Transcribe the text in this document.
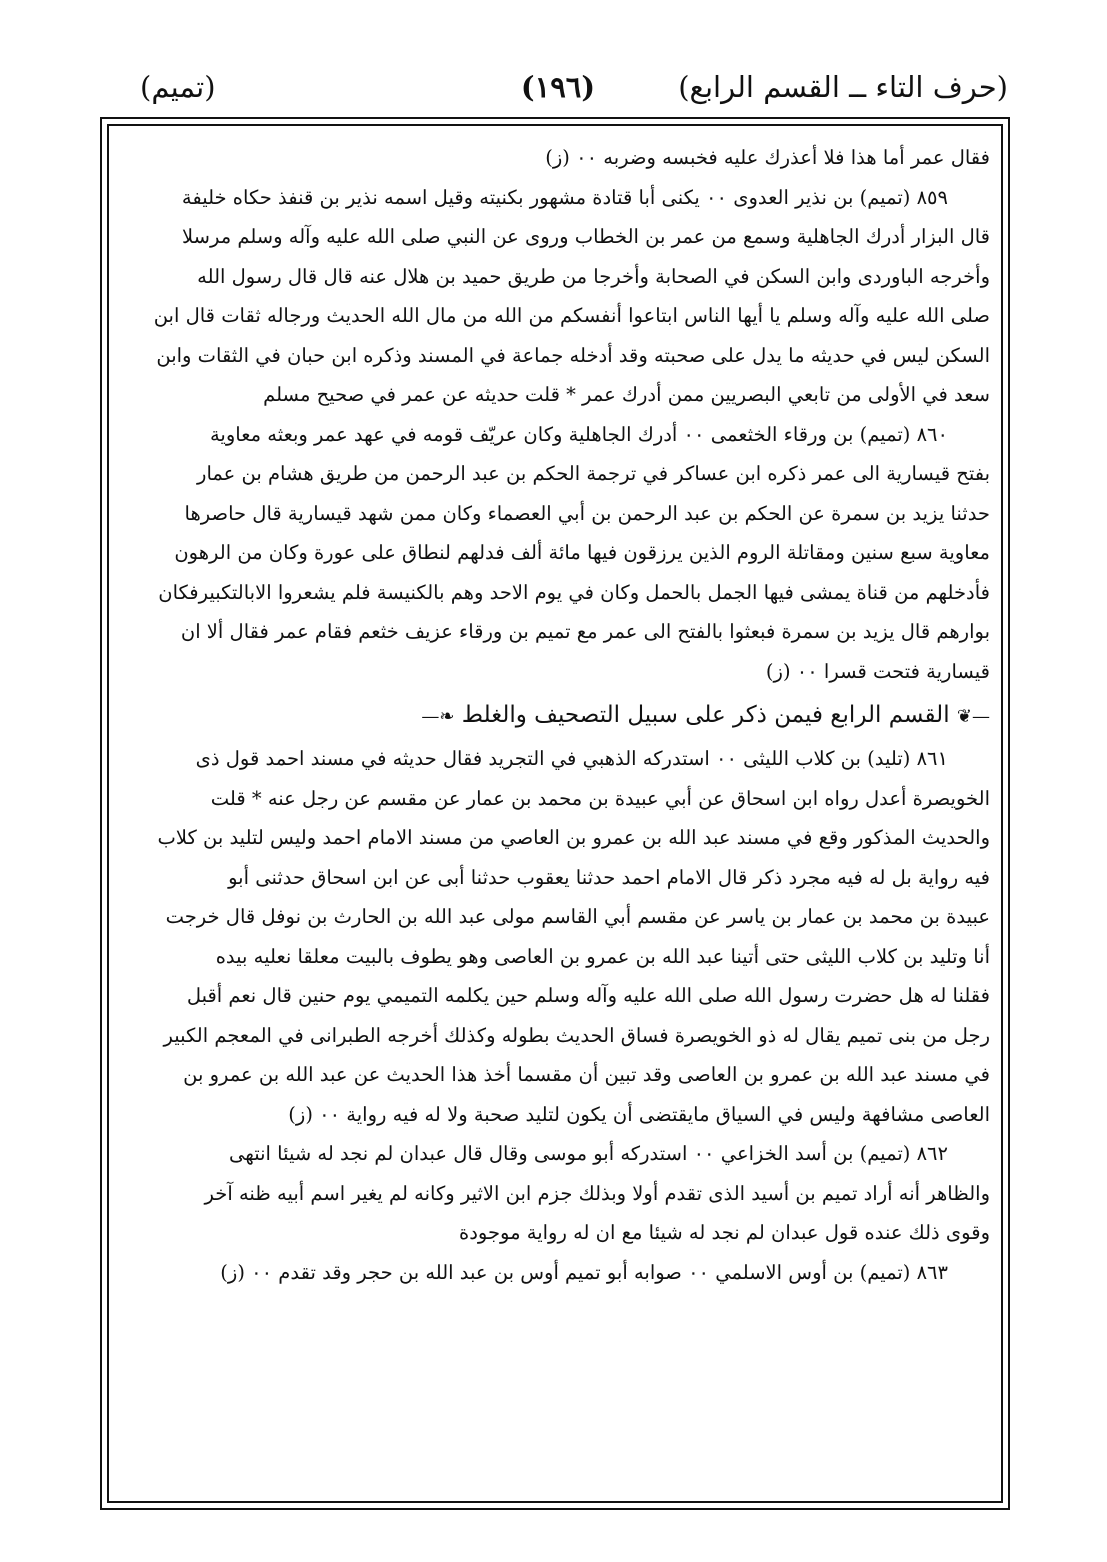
(حرف التاء ــ القسم الرابع)
(١٩٦)
(تميم)
فقال عمر أما هذا فلا أعذرك عليه فخبسه وضربه ٠٠ (ز)
٨٥٩ (تميم) بن نذير العدوى ٠٠ يكنى أبا قتادة مشهور بكنيته وقيل اسمه نذير بن قنفذ حكاه خليفة
قال البزار أدرك الجاهلية وسمع من عمر بن الخطاب وروى عن النبي صلى الله عليه وآله وسلم مرسلا
وأخرجه الباوردى وابن السكن في الصحابة وأخرجا من طريق حميد بن هلال عنه قال قال رسول الله
صلى الله عليه وآله وسلم يا أيها الناس ابتاعوا أنفسكم من الله من مال الله الحديث ورجاله ثقات قال ابن
السكن ليس في حديثه ما يدل على صحبته وقد أدخله جماعة في المسند وذكره ابن حبان في الثقات وابن
سعد في الأولى من تابعي البصريين ممن أدرك عمر * قلت حديثه عن عمر في صحيح مسلم
٨٦٠ (تميم) بن ورقاء الخثعمى ٠٠ أدرك الجاهلية وكان عريّف قومه في عهد عمر وبعثه معاوية
بفتح قيسارية الى عمر ذكره ابن عساكر في ترجمة الحكم بن عبد الرحمن من طريق هشام بن عمار
حدثنا يزيد بن سمرة عن الحكم بن عبد الرحمن بن أبي العصماء وكان ممن شهد قيسارية قال حاصرها
معاوية سبع سنين ومقاتلة الروم الذين يرزقون فيها مائة ألف فدلهم لنطاق على عورة وكان من الرهون
فأدخلهم من قناة يمشى فيها الجمل بالحمل وكان في يوم الاحد وهم بالكنيسة فلم يشعروا الابالتكبيرفكان
بوارهم قال يزيد بن سمرة فبعثوا بالفتح الى عمر مع تميم بن ورقاء عزيف خثعم فقام عمر فقال ألا ان
قيسارية فتحت قسرا ٠٠ (ز)
—❦ القسم الرابع فيمن ذكر على سبيل التصحيف والغلط ❧—
٨٦١ (تليد) بن كلاب الليثى ٠٠ استدركه الذهبي في التجريد فقال حديثه في مسند احمد قول ذى
الخويصرة أعدل رواه ابن اسحاق عن أبي عبيدة بن محمد بن عمار عن مقسم عن رجل عنه * قلت
والحديث المذكور وقع في مسند عبد الله بن عمرو بن العاصي من مسند الامام احمد وليس لتليد بن كلاب
فيه رواية بل له فيه مجرد ذكر قال الامام احمد حدثنا يعقوب حدثنا أبى عن ابن اسحاق حدثنى أبو
عبيدة بن محمد بن عمار بن ياسر عن مقسم أبي القاسم مولى عبد الله بن الحارث بن نوفل قال خرجت
أنا وتليد بن كلاب الليثى حتى أتينا عبد الله بن عمرو بن العاصى وهو يطوف بالبيت معلقا نعليه بيده
فقلنا له هل حضرت رسول الله صلى الله عليه وآله وسلم حين يكلمه التميمي يوم حنين قال نعم أقبل
رجل من بنى تميم يقال له ذو الخويصرة فساق الحديث بطوله وكذلك أخرجه الطبرانى في المعجم الكبير
في مسند عبد الله بن عمرو بن العاصى وقد تبين أن مقسما أخذ هذا الحديث عن عبد الله بن عمرو بن
العاصى مشافهة وليس في السياق مايقتضى أن يكون لتليد صحبة ولا له فيه رواية ٠٠ (ز)
٨٦٢ (تميم) بن أسد الخزاعي ٠٠ استدركه أبو موسى وقال قال عبدان لم نجد له شيئا انتهى
والظاهر أنه أراد تميم بن أسيد الذى تقدم أولا وبذلك جزم ابن الاثير وكانه لم يغير اسم أبيه ظنه آخر
وقوى ذلك عنده قول عبدان لم نجد له شيئا مع ان له رواية موجودة
٨٦٣ (تميم) بن أوس الاسلمي ٠٠ صوابه أبو تميم أوس بن عبد الله بن حجر وقد تقدم ٠٠ (ز)
